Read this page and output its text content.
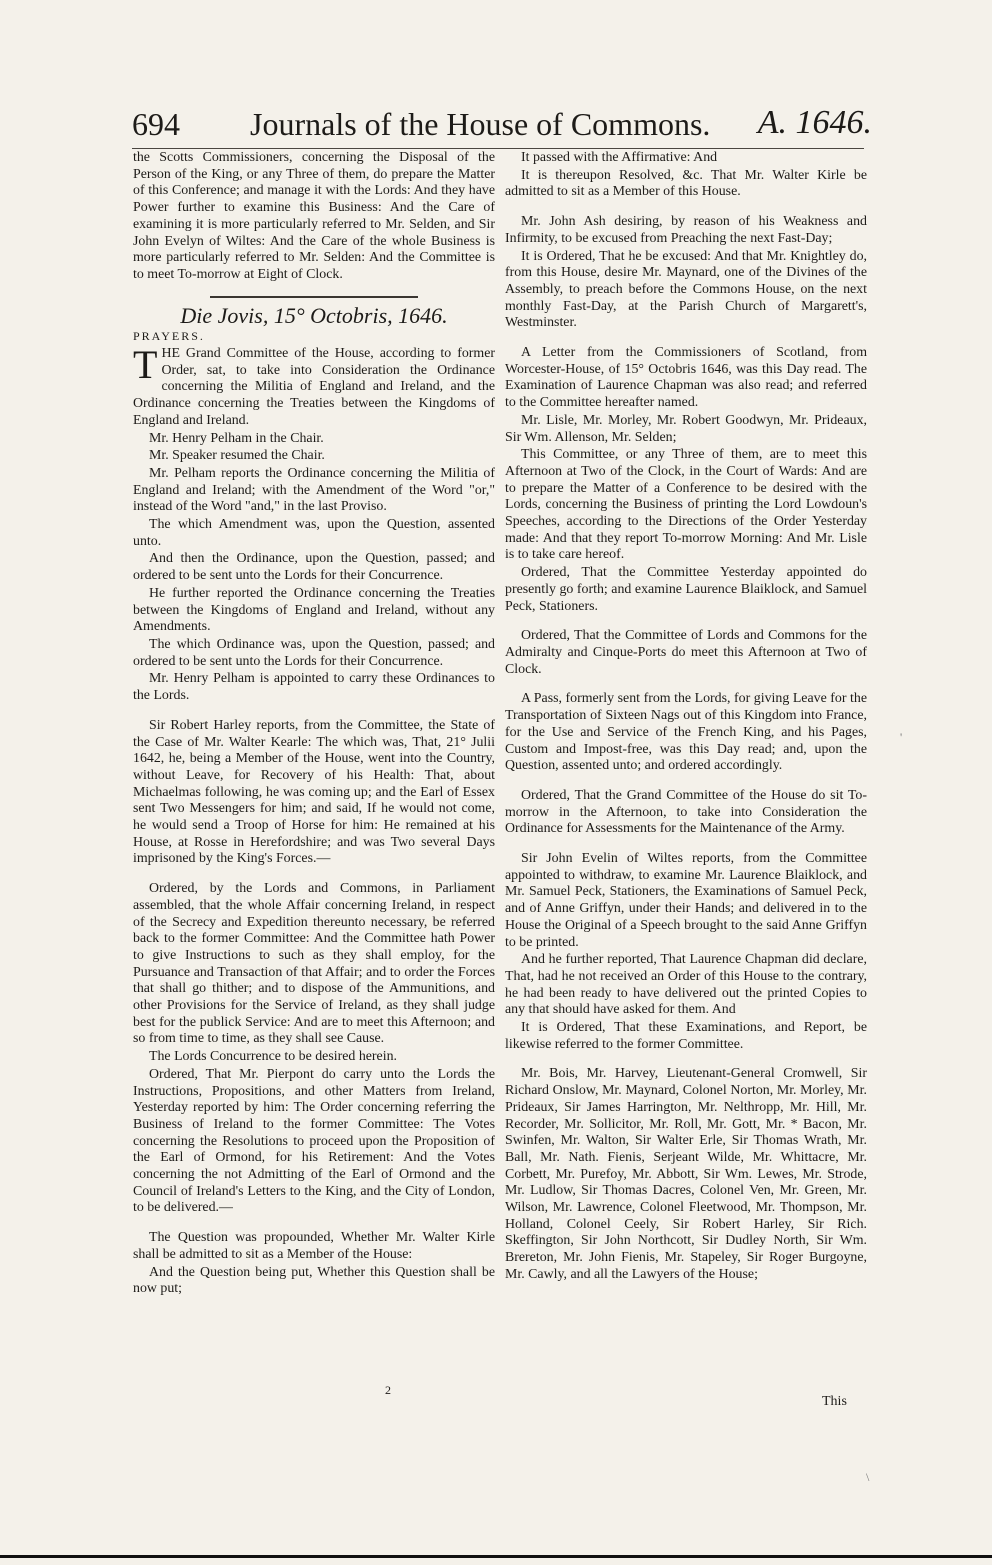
694 Journals of the House of Commons. A. 1646.

the Scotts Commissioners, concerning the Disposal of the Person of the King, or any Three of them, do prepare the Matter of this Conference; and manage it with the Lords: And they have Power further to examine this Business: And the Care of examining it is more particularly referred to Mr. Selden, and Sir John Evelyn of Wiltes: And the Care of the whole Business is more particularly referred to Mr. Selden: And the Committee is to meet To-morrow at Eight of Clock.

Die Jovis, 15° Octobris, 1646.

PRAYERS.

THE Grand Committee of the House, according to former Order, sat, to take into Consideration the Ordinance concerning the Militia of England and Ireland, and the Ordinance concerning the Treaties between the Kingdoms of England and Ireland.

Mr. Henry Pelham in the Chair.

Mr. Speaker resumed the Chair.

Mr. Pelham reports the Ordinance concerning the Militia of England and Ireland; with the Amendment of the Word "or," instead of the Word "and," in the last Proviso.

The which Amendment was, upon the Question, assented unto.

And then the Ordinance, upon the Question, passed; and ordered to be sent unto the Lords for their Concurrence.

He further reported the Ordinance concerning the Treaties between the Kingdoms of England and Ireland, without any Amendments.

The which Ordinance was, upon the Question, passed; and ordered to be sent unto the Lords for their Concurrence.

Mr. Henry Pelham is appointed to carry these Ordinances to the Lords.

Sir Robert Harley reports, from the Committee, the State of the Case of Mr. Walter Kearle: The which was, That, 21° Julii 1642, he, being a Member of the House, went into the Country, without Leave, for Recovery of his Health: That, about Michaelmas following, he was coming up; and the Earl of Essex sent Two Messengers for him; and said, If he would not come, he would send a Troop of Horse for him: He remained at his House, at Rosse in Herefordshire; and was Two several Days imprisoned by the King's Forces.—

Ordered, by the Lords and Commons, in Parliament assembled, that the whole Affair concerning Ireland, in respect of the Secrecy and Expedition thereunto necessary, be referred back to the former Committee: And the Committee hath Power to give Instructions to such as they shall employ, for the Pursuance and Transaction of that Affair; and to order the Forces that shall go thither; and to dispose of the Ammunitions, and other Provisions for the Service of Ireland, as they shall judge best for the publick Service: And are to meet this Afternoon; and so from time to time, as they shall see Cause.

The Lords Concurrence to be desired herein.

Ordered, That Mr. Pierpont do carry unto the Lords the Instructions, Propositions, and other Matters from Ireland, Yesterday reported by him: The Order concerning referring the Business of Ireland to the former Committee: The Votes concerning the Resolutions to proceed upon the Proposition of the Earl of Ormond, for his Retirement: And the Votes concerning the not Admitting of the Earl of Ormond and the Council of Ireland's Letters to the King, and the City of London, to be delivered.—

The Question was propounded, Whether Mr. Walter Kirle shall be admitted to sit as a Member of the House:

And the Question being put, Whether this Question shall be now put;

It passed with the Affirmative: And

It is thereupon Resolved, &c. That Mr. Walter Kirle be admitted to sit as a Member of this House.

Mr. John Ash desiring, by reason of his Weakness and Infirmity, to be excused from Preaching the next Fast-Day;

It is Ordered, That he be excused: And that Mr. Knightley do, from this House, desire Mr. Maynard, one of the Divines of the Assembly, to preach before the Commons House, on the next monthly Fast-Day, at the Parish Church of Margarett's, Westminster.

A Letter from the Commissioners of Scotland, from Worcester-House, of 15° Octobris 1646, was this Day read. The Examination of Laurence Chapman was also read; and referred to the Committee hereafter named.

Mr. Lisle, Mr. Morley, Mr. Robert Goodwyn, Mr. Prideaux, Sir Wm. Allenson, Mr. Selden;

This Committee, or any Three of them, are to meet this Afternoon at Two of the Clock, in the Court of Wards: And are to prepare the Matter of a Conference to be desired with the Lords, concerning the Business of printing the Lord Lowdoun's Speeches, according to the Directions of the Order Yesterday made: And that they report To-morrow Morning: And Mr. Lisle is to take care hereof.

Ordered, That the Committee Yesterday appointed do presently go forth; and examine Laurence Blaiklock, and Samuel Peck, Stationers.

Ordered, That the Committee of Lords and Commons for the Admiralty and Cinque-Ports do meet this Afternoon at Two of Clock.

A Pass, formerly sent from the Lords, for giving Leave for the Transportation of Sixteen Nags out of this Kingdom into France, for the Use and Service of the French King, and his Pages, Custom and Impost-free, was this Day read; and, upon the Question, assented unto; and ordered accordingly.

Ordered, That the Grand Committee of the House do sit To-morrow in the Afternoon, to take into Consideration the Ordinance for Assessments for the Maintenance of the Army.

Sir John Evelin of Wiltes reports, from the Committee appointed to withdraw, to examine Mr. Laurence Blaiklock, and Mr. Samuel Peck, Stationers, the Examinations of Samuel Peck, and of Anne Griffyn, under their Hands; and delivered in to the House the Original of a Speech brought to the said Anne Griffyn to be printed.

And he further reported, That Laurence Chapman did declare, That, had he not received an Order of this House to the contrary, he had been ready to have delivered out the printed Copies to any that should have asked for them. And

It is Ordered, That these Examinations, and Report, be likewise referred to the former Committee.

Mr. Bois, Mr. Harvey, Lieutenant-General Cromwell, Sir Richard Onslow, Mr. Maynard, Colonel Norton, Mr. Morley, Mr. Prideaux, Sir James Harrington, Mr. Nelthropp, Mr. Hill, Mr. Recorder, Mr. Sollicitor, Mr. Roll, Mr. Gott, Mr. * Bacon, Mr. Swinfen, Mr. Walton, Sir Walter Erle, Sir Thomas Wrath, Mr. Ball, Mr. Nath. Fienis, Serjeant Wilde, Mr. Whittacre, Mr. Corbett, Mr. Purefoy, Mr. Abbott, Sir Wm. Lewes, Mr. Strode, Mr. Ludlow, Sir Thomas Dacres, Colonel Ven, Mr. Green, Mr. Wilson, Mr. Lawrence, Colonel Fleetwood, Mr. Thompson, Mr. Holland, Colonel Ceely, Sir Robert Harley, Sir Rich. Skeffington, Sir John Northcott, Sir Dudley North, Sir Wm. Brereton, Mr. John Fienis, Mr. Stapeley, Sir Roger Burgoyne, Mr. Cawly, and all the Lawyers of the House;

2
This
\
'
